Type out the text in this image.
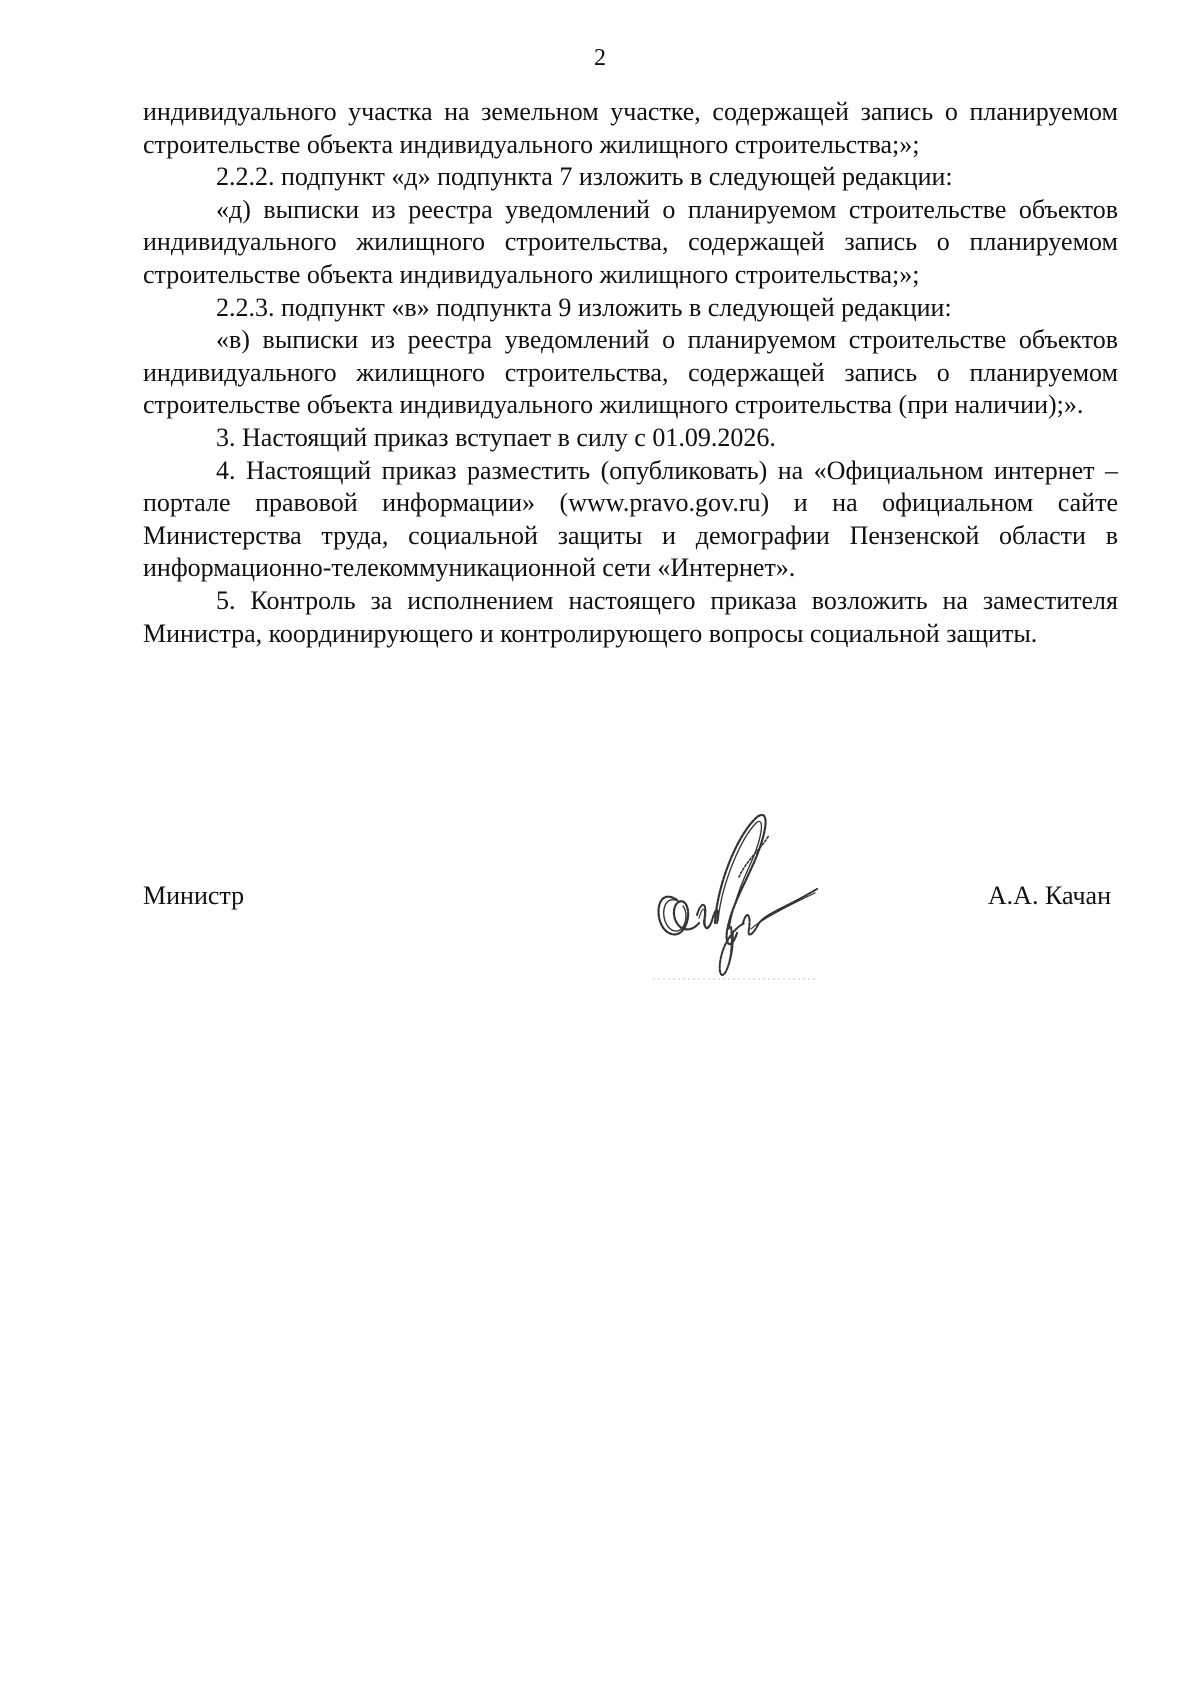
2

индивидуального участка на земельном участке, содержащей запись о планируемом строительстве объекта индивидуального жилищного строительства;»;

2.2.2. подпункт «д» подпункта 7 изложить в следующей редакции:

«д) выписки из реестра уведомлений о планируемом строительстве объектов индивидуального жилищного строительства, содержащей запись о планируемом строительстве объекта индивидуального жилищного строительства;»;

2.2.3. подпункт «в» подпункта 9 изложить в следующей редакции:

«в) выписки из реестра уведомлений о планируемом строительстве объектов индивидуального жилищного строительства, содержащей запись о планируемом строительстве объекта индивидуального жилищного строительства (при наличии);».

3. Настоящий приказ вступает в силу с 01.09.2026.

4. Настоящий приказ разместить (опубликовать) на «Официальном интернет – портале правовой информации» (www.pravo.gov.ru) и на официальном сайте Министерства труда, социальной защиты и демографии Пензенской области в информационно-телекоммуникационной сети «Интернет».

5. Контроль за исполнением настоящего приказа возложить на заместителя Министра, координирующего и контролирующего вопросы социальной защиты.

Министр	А.А. Качан
